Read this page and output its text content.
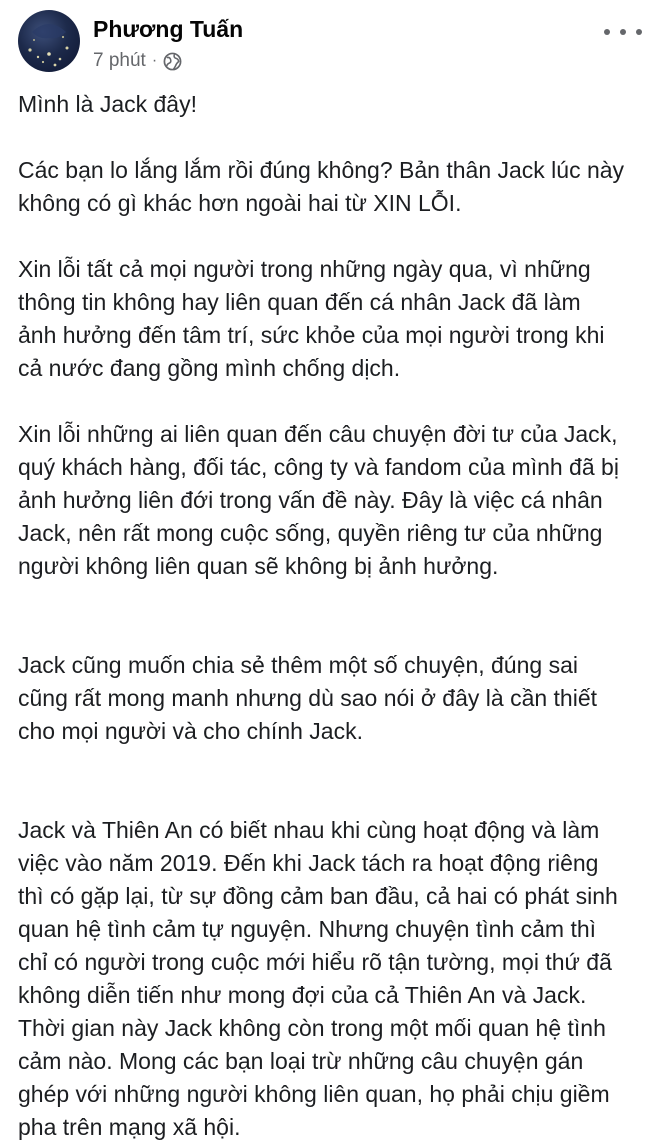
Phương Tuấn
7 phút ·

Mình là Jack đây!

Các bạn lo lắng lắm rồi đúng không? Bản thân Jack lúc này
không có gì khác hơn ngoài hai từ XIN LỖI.

Xin lỗi tất cả mọi người trong những ngày qua, vì những
thông tin không hay liên quan đến cá nhân Jack đã làm
ảnh hưởng đến tâm trí, sức khỏe của mọi người trong khi
cả nước đang gồng mình chống dịch.

Xin lỗi những ai liên quan đến câu chuyện đời tư của Jack,
quý khách hàng, đối tác, công ty và fandom của mình đã bị
ảnh hưởng liên đới trong vấn đề này. Đây là việc cá nhân
Jack, nên rất mong cuộc sống, quyền riêng tư của những
người không liên quan sẽ không bị ảnh hưởng.

Jack cũng muốn chia sẻ thêm một số chuyện, đúng sai
cũng rất mong manh nhưng dù sao nói ở đây là cần thiết
cho mọi người và cho chính Jack.

Jack và Thiên An có biết nhau khi cùng hoạt động và làm
việc vào năm 2019. Đến khi Jack tách ra hoạt động riêng
thì có gặp lại, từ sự đồng cảm ban đầu, cả hai có phát sinh
quan hệ tình cảm tự nguyện. Nhưng chuyện tình cảm thì
chỉ có người trong cuộc mới hiểu rõ tận tường, mọi thứ đã
không diễn tiến như mong đợi của cả Thiên An và Jack.
Thời gian này Jack không còn trong một mối quan hệ tình
cảm nào. Mong các bạn loại trừ những câu chuyện gán
ghép với những người không liên quan, họ phải chịu giềm
pha trên mạng xã hội.
